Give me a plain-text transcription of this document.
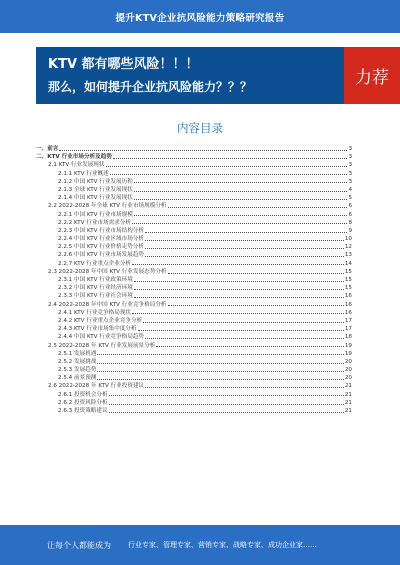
提升KTV企业抗风险能力策略研究报告
KTV 都有哪些风险！！！
那么，如何提升企业抗风险能力？？？	力荐
内容目录
一、前言	3
二、KTV 行业市场分析及趋势	3
2.1 KTV 行业发展现状	3
2.1.1 KTV 行业概述	3
2.1.2 中国 KTV 行业发展历程	3
2.1.3 全球 KTV 行业发展现状	4
2.1.4 中国 KTV 行业发展现状	5
2.2 2022-2028 年全球 KTV 行业市场规模分析	6
2.2.1 中国 KTV 行业市场规模	6
2.2.2 KTV 行业市场需求分析	8
2.2.3 中国 KTV 行业市场结构分析	9
2.2.4 中国 KTV 行业区域市场分析	10
2.2.5 中国 KTV 行业价格走势分析	12
2.2.6 中国 KTV 行业市场发展趋势	13
2.2.7 KTV 行业重点企业分析	14
2.3 2022-2028 年中国 KTV 行业发展态势分析	15
2.3.1 中国 KTV 行业政策环境	15
2.3.2 中国 KTV 行业经济环境	15
2.3.3 中国 KTV 行业社会环境	16
2.4 2022-2028 年中国 KTV 行业竞争格局分析	16
2.4.1 KTV 行业竞争格局现状	16
2.4.2 KTV 行业重点企业竞争分析	17
2.4.3 KTV 行业市场集中度分析	17
2.4.4 中国 KTV 行业竞争格局趋势	18
2.5 2022-2028 年 KTV 行业发展前景分析	19
2.5.1 发展机遇	19
2.5.2 发展挑战	20
2.5.3 发展趋势	20
2.5.4 前景预测	20
2.6 2022-2028 年 KTV 行业投资建议	21
2.6.1 投资机会分析	21
2.6.2 投资风险分析	21
2.6.3 投资策略建议	21
让每个人都能成为 行业专家、管理专家、营销专家、战略专家、成功企业家……
